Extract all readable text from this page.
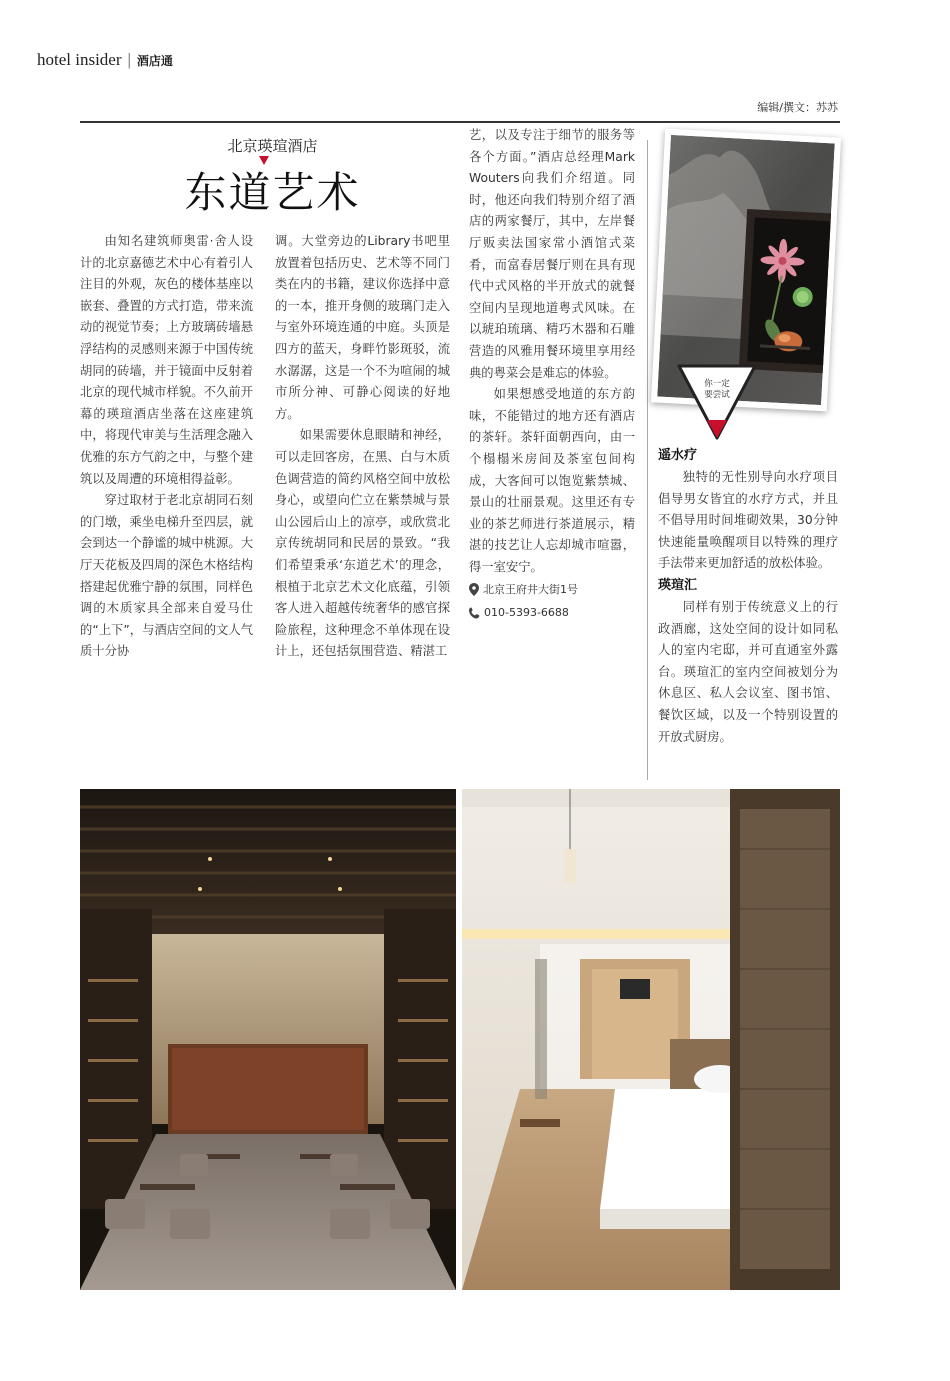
hotel insider | 酒店通
编辑/撰文：苏苏
北京瑛瑄酒店
东道艺术

由知名建筑师奥雷·舍人设计的北京嘉德艺术中心有着引人注目的外观，灰色的楼体基座以嵌套、叠置的方式打造，带来流动的视觉节奏；上方玻璃砖墙悬浮结构的灵感则来源于中国传统胡同的砖墙，并于镜面中反射着北京的现代城市样貌。不久前开幕的瑛瑄酒店坐落在这座建筑中，将现代审美与生活理念融入优雅的东方气韵之中，与整个建筑以及周遭的环境相得益彰。

穿过取材于老北京胡同石刻的门墩，乘坐电梯升至四层，就会到达一个静谧的城中桃源。大厅天花板及四周的深色木格结构搭建起优雅宁静的氛围，同样色调的木质家具全部来自爱马仕的“上下”，与酒店空间的文人气质十分协

调。大堂旁边的Library书吧里放置着包括历史、艺术等不同门类在内的书籍，建议你选择中意的一本，推开身侧的玻璃门走入与室外环境连通的中庭。头顶是四方的蓝天，身畔竹影斑驳，流水潺潺，这是一个不为喧闹的城市所分神、可静心阅读的好地方。

如果需要休息眼睛和神经，可以走回客房，在黑、白与木质色调营造的简约风格空间中放松身心，或望向伫立在紫禁城与景山公园后山上的凉亭，或欣赏北京传统胡同和民居的景致。“我们希望秉承‘东道艺术’的理念，根植于北京艺术文化底蕴，引领客人进入超越传统奢华的感官探险旅程，这种理念不单体现在设计上，还包括氛围营造、精湛工

艺，以及专注于细节的服务等各个方面。”酒店总经理Mark Wouters向我们介绍道。同时，他还向我们特别介绍了酒店的两家餐厅，其中，左岸餐厅贩卖法国家常小酒馆式菜肴，而富春居餐厅则在具有现代中式风格的半开放式的就餐空间内呈现地道粤式风味。在以琥珀琉璃、精巧木器和石雕营造的风雅用餐环境里享用经典的粤菜会是难忘的体验。

如果想感受地道的东方韵味，不能错过的地方还有酒店的茶轩。茶轩面朝西向，由一个榻榻米房间及茶室包间构成，大客间可以饱览紫禁城、景山的壮丽景观。这里还有专业的茶艺师进行茶道展示，精湛的技艺让人忘却城市喧嚣，得一室安宁。

北京王府井大街1号
010-5393-6688
你一定
要尝试
遥水疗

独特的无性别导向水疗项目倡导男女皆宜的水疗方式，并且不倡导用时间堆砌效果，30分钟快速能量唤醒项目以特殊的理疗手法带来更加舒适的放松体验。

瑛瑄汇

同样有别于传统意义上的行政酒廊，这处空间的设计如同私人的室内宅邸，并可直通室外露台。瑛瑄汇的室内空间被划分为休息区、私人会议室、图书馆、餐饮区域，以及一个特别设置的开放式厨房。
